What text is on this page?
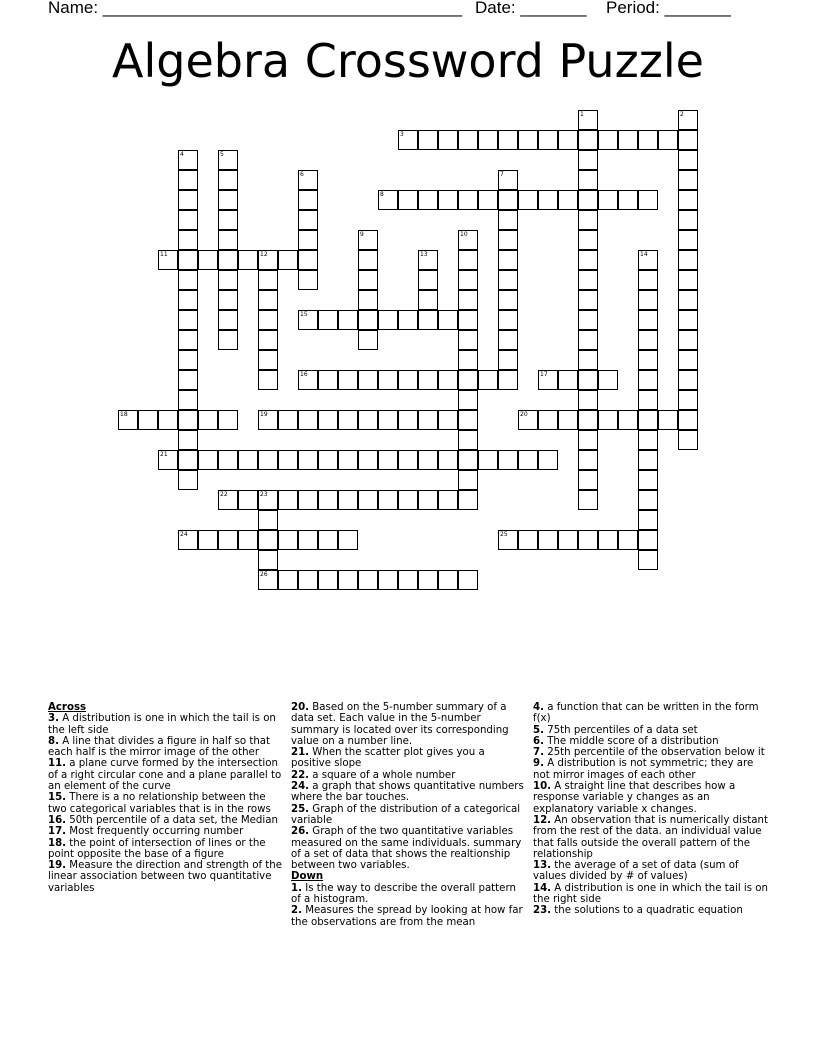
Name: ______________________________________ Date: _______ Period: _______
Algebra Crossword Puzzle
1	2
3
4	5
6	7
8
9	10
11	12	13	14
15
16	17
18	19	20
21
22	23
26
24	25
Across
3. A distribution is one in which the tail is on the left side
8. A line that divides a figure in half so that each half is the mirror image of the other
11. a plane curve formed by the intersection of a right circular cone and a plane parallel to an element of the curve
15. There is a no relationship between the two categorical variables that is in the rows
16. 50th percentile of a data set, the Median
17. Most frequently occurring number
18. the point of intersection of lines or the point opposite the base of a figure
19. Measure the direction and strength of the linear association between two quantitative variables
20. Based on the 5-number summary of a data set. Each value in the 5-number summary is located over its corresponding value on a number line.
21. When the scatter plot gives you a positive slope
22. a square of a whole number
24. a graph that shows quantitative numbers where the bar touches.
25. Graph of the distribution of a categorical variable
26. Graph of the two quantitative variables measured on the same individuals. summary of a set of data that shows the realtionship between two variables.
Down
1. Is the way to describe the overall pattern of a histogram.
2. Measures the spread by looking at how far the observations are from the mean
4. a function that can be written in the form f(x)
5. 75th percentiles of a data set
6. The middle score of a distribution
7. 25th percentile of the observation below it
9. A distribution is not symmetric; they are not mirror images of each other
10. A straight line that describes how a response variable y changes as an explanatory variable x changes.
12. An observation that is numerically distant from the rest of the data. an individual value that falls outside the overall pattern of the relationship
13. the average of a set of data (sum of values divided by # of values)
14. A distribution is one in which the tail is on the right side
23. the solutions to a quadratic equation
